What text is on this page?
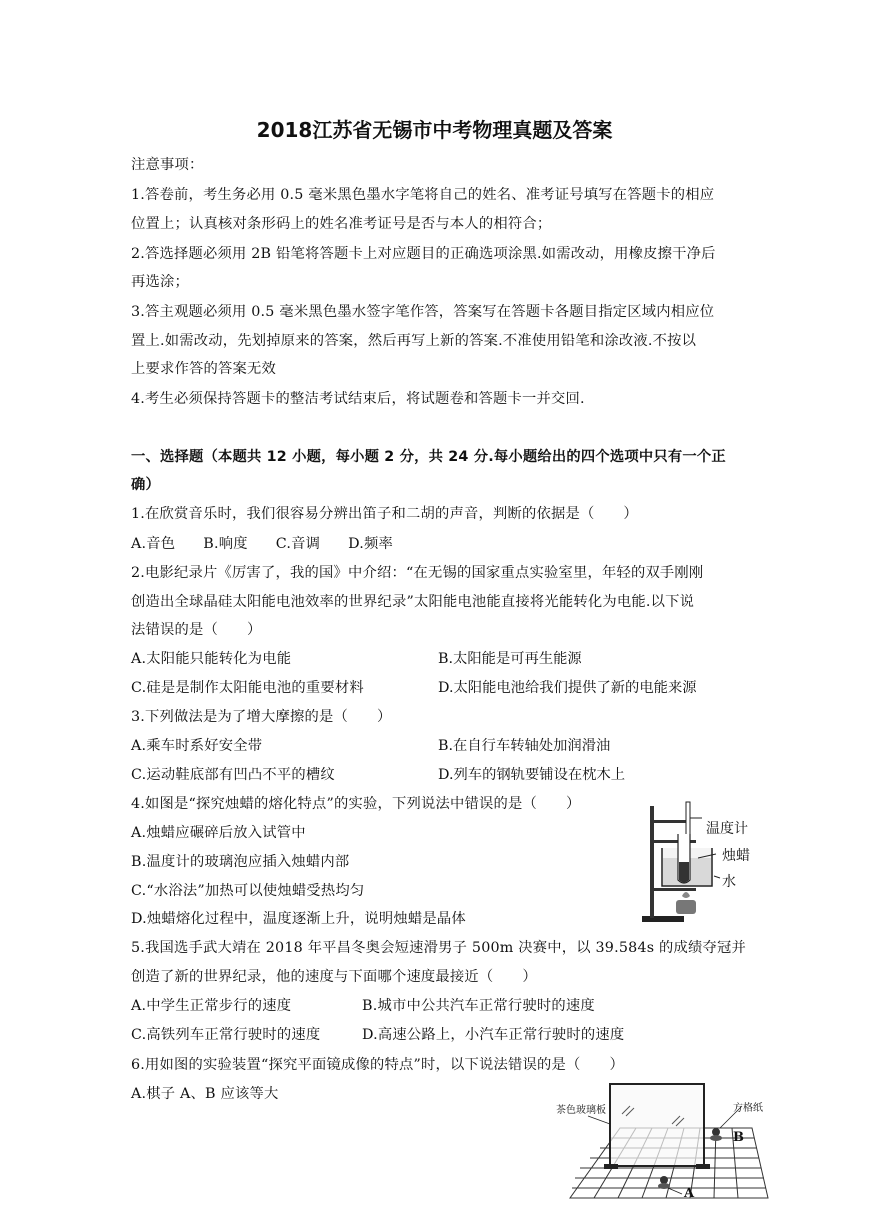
2018江苏省无锡市中考物理真题及答案
注意事项：
1.答卷前，考生务必用 0.5 毫米黑色墨水字笔将自己的姓名、准考证号填写在答题卡的相应
位置上；认真核对条形码上的姓名准考证号是否与本人的相符合；
2.答选择题必须用 2B 铅笔将答题卡上对应题目的正确选项涂黑.如需改动，用橡皮擦干净后
再选涂；
3.答主观题必须用 0.5 毫米黑色墨水签字笔作答，答案写在答题卡各题目指定区域内相应位
置上.如需改动，先划掉原来的答案，然后再写上新的答案.不准使用铅笔和涂改液.不按以
上要求作答的答案无效
4.考生必须保持答题卡的整洁考试结束后，将试题卷和答题卡一并交回.
一、选择题（本题共 12 小题，每小题 2 分，共 24 分.每小题给出的四个选项中只有一个正
确）
1.在欣赏音乐时，我们很容易分辨出笛子和二胡的声音，判断的依据是（　　）
A.音色 B.响度 C.音调 D.频率
2.电影纪录片《厉害了，我的国》中介绍：“在无锡的国家重点实验室里，年轻的双手刚刚
创造出全球晶硅太阳能电池效率的世界纪录”太阳能电池能直接将光能转化为电能.以下说
法错误的是（　　）
A.太阳能只能转化为电能	B.太阳能是可再生能源
C.硅是是制作太阳能电池的重要材料	D.太阳能电池给我们提供了新的电能来源
3.下列做法是为了增大摩擦的是（　　）
A.乘车时系好安全带	B.在自行车转轴处加润滑油
C.运动鞋底部有凹凸不平的槽纹	D.列车的钢轨要铺设在枕木上
4.如图是“探究烛蜡的熔化特点”的实验，下列说法中错误的是（　　）
A.烛蜡应碾碎后放入试管中
B.温度计的玻璃泡应插入烛蜡内部
C.“水浴法”加热可以使烛蜡受热均匀
D.烛蜡熔化过程中，温度逐渐上升，说明烛蜡是晶体
温度计
烛蜡
水
5.我国选手武大靖在 2018 年平昌冬奥会短速滑男子 500m 决赛中，以 39.584s 的成绩夺冠并
创造了新的世界纪录，他的速度与下面哪个速度最接近（　　）
A.中学生正常步行的速度	B.城市中公共汽车正常行驶时的速度
C.高铁列车正常行驶时的速度	D.高速公路上，小汽车正常行驶时的速度
6.用如图的实验装置“探究平面镜成像的特点”时，以下说法错误的是（　　）
A.棋子 A、B 应该等大
茶色玻璃板	方格纸
B
A
